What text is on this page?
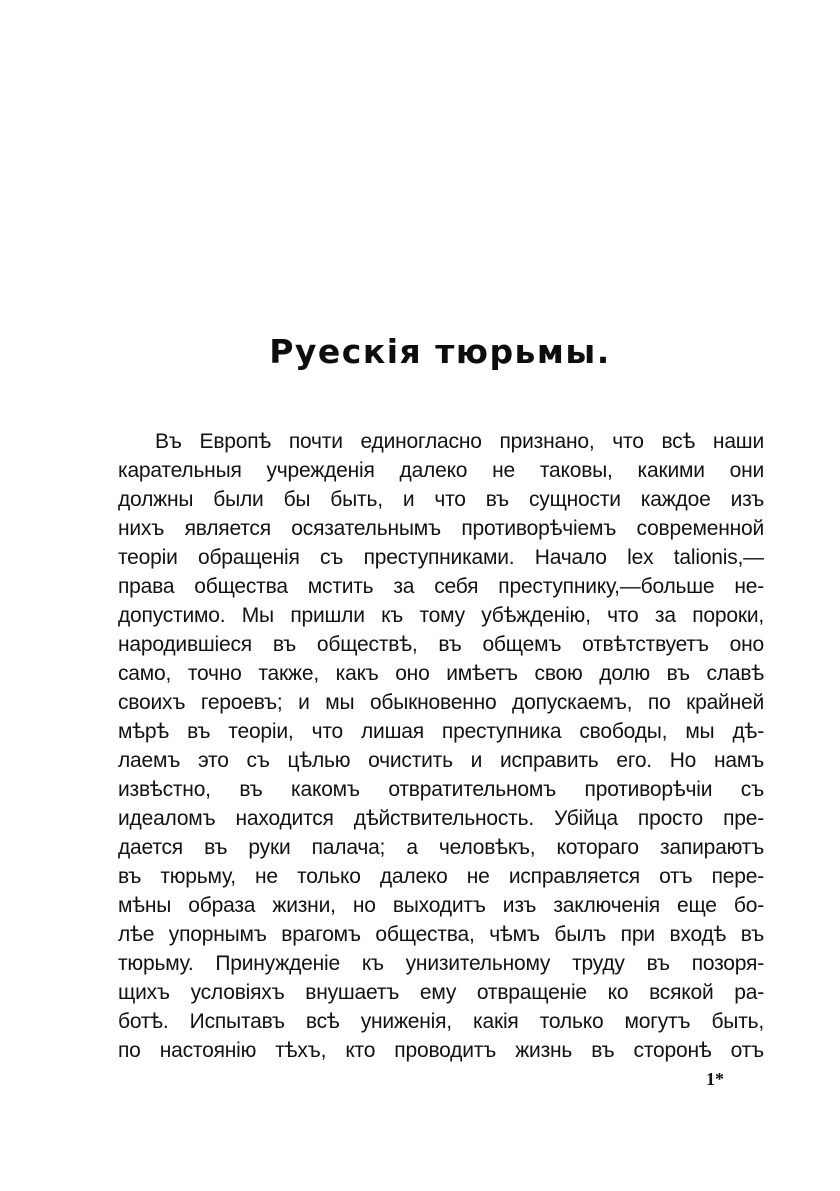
Руескія тюрьмы.
Въ Европѣ почти единогласно признано, что всѣ наши
карательныя учрежденія далеко не таковы, какими они
должны были бы быть, и что въ сущности каждое изъ
нихъ является осязательнымъ противорѣчіемъ современной
теоріи обращенія съ преступниками. Начало lex talionis,—
права общества мстить за себя преступнику,—больше не-
допустимо. Мы пришли къ тому убѣжденію, что за пороки,
народившіеся въ обществѣ, въ общемъ отвѣтствуетъ оно
само, точно также, какъ оно имѣетъ свою долю въ славѣ
своихъ героевъ; и мы обыкновенно допускаемъ, по крайней
мѣрѣ въ теоріи, что лишая преступника свободы, мы дѣ-
лаемъ это съ цѣлью очистить и исправить его. Но намъ
извѣстно, въ какомъ отвратительномъ противорѣчіи съ
идеаломъ находится дѣйствительность. Убійца просто пре-
дается въ руки палача; а человѣкъ, котораго запираютъ
въ тюрьму, не только далеко не исправляется отъ пере-
мѣны образа жизни, но выходитъ изъ заключенія еще бо-
лѣе упорнымъ врагомъ общества, чѣмъ былъ при входѣ въ
тюрьму. Принужденіе къ унизительному труду въ позоря-
щихъ условіяхъ внушаетъ ему отвращеніе ко всякой ра-
ботѣ. Испытавъ всѣ униженія, какія только могутъ быть,
по настоянію тѣхъ, кто проводитъ жизнь въ сторонѣ отъ
1*
